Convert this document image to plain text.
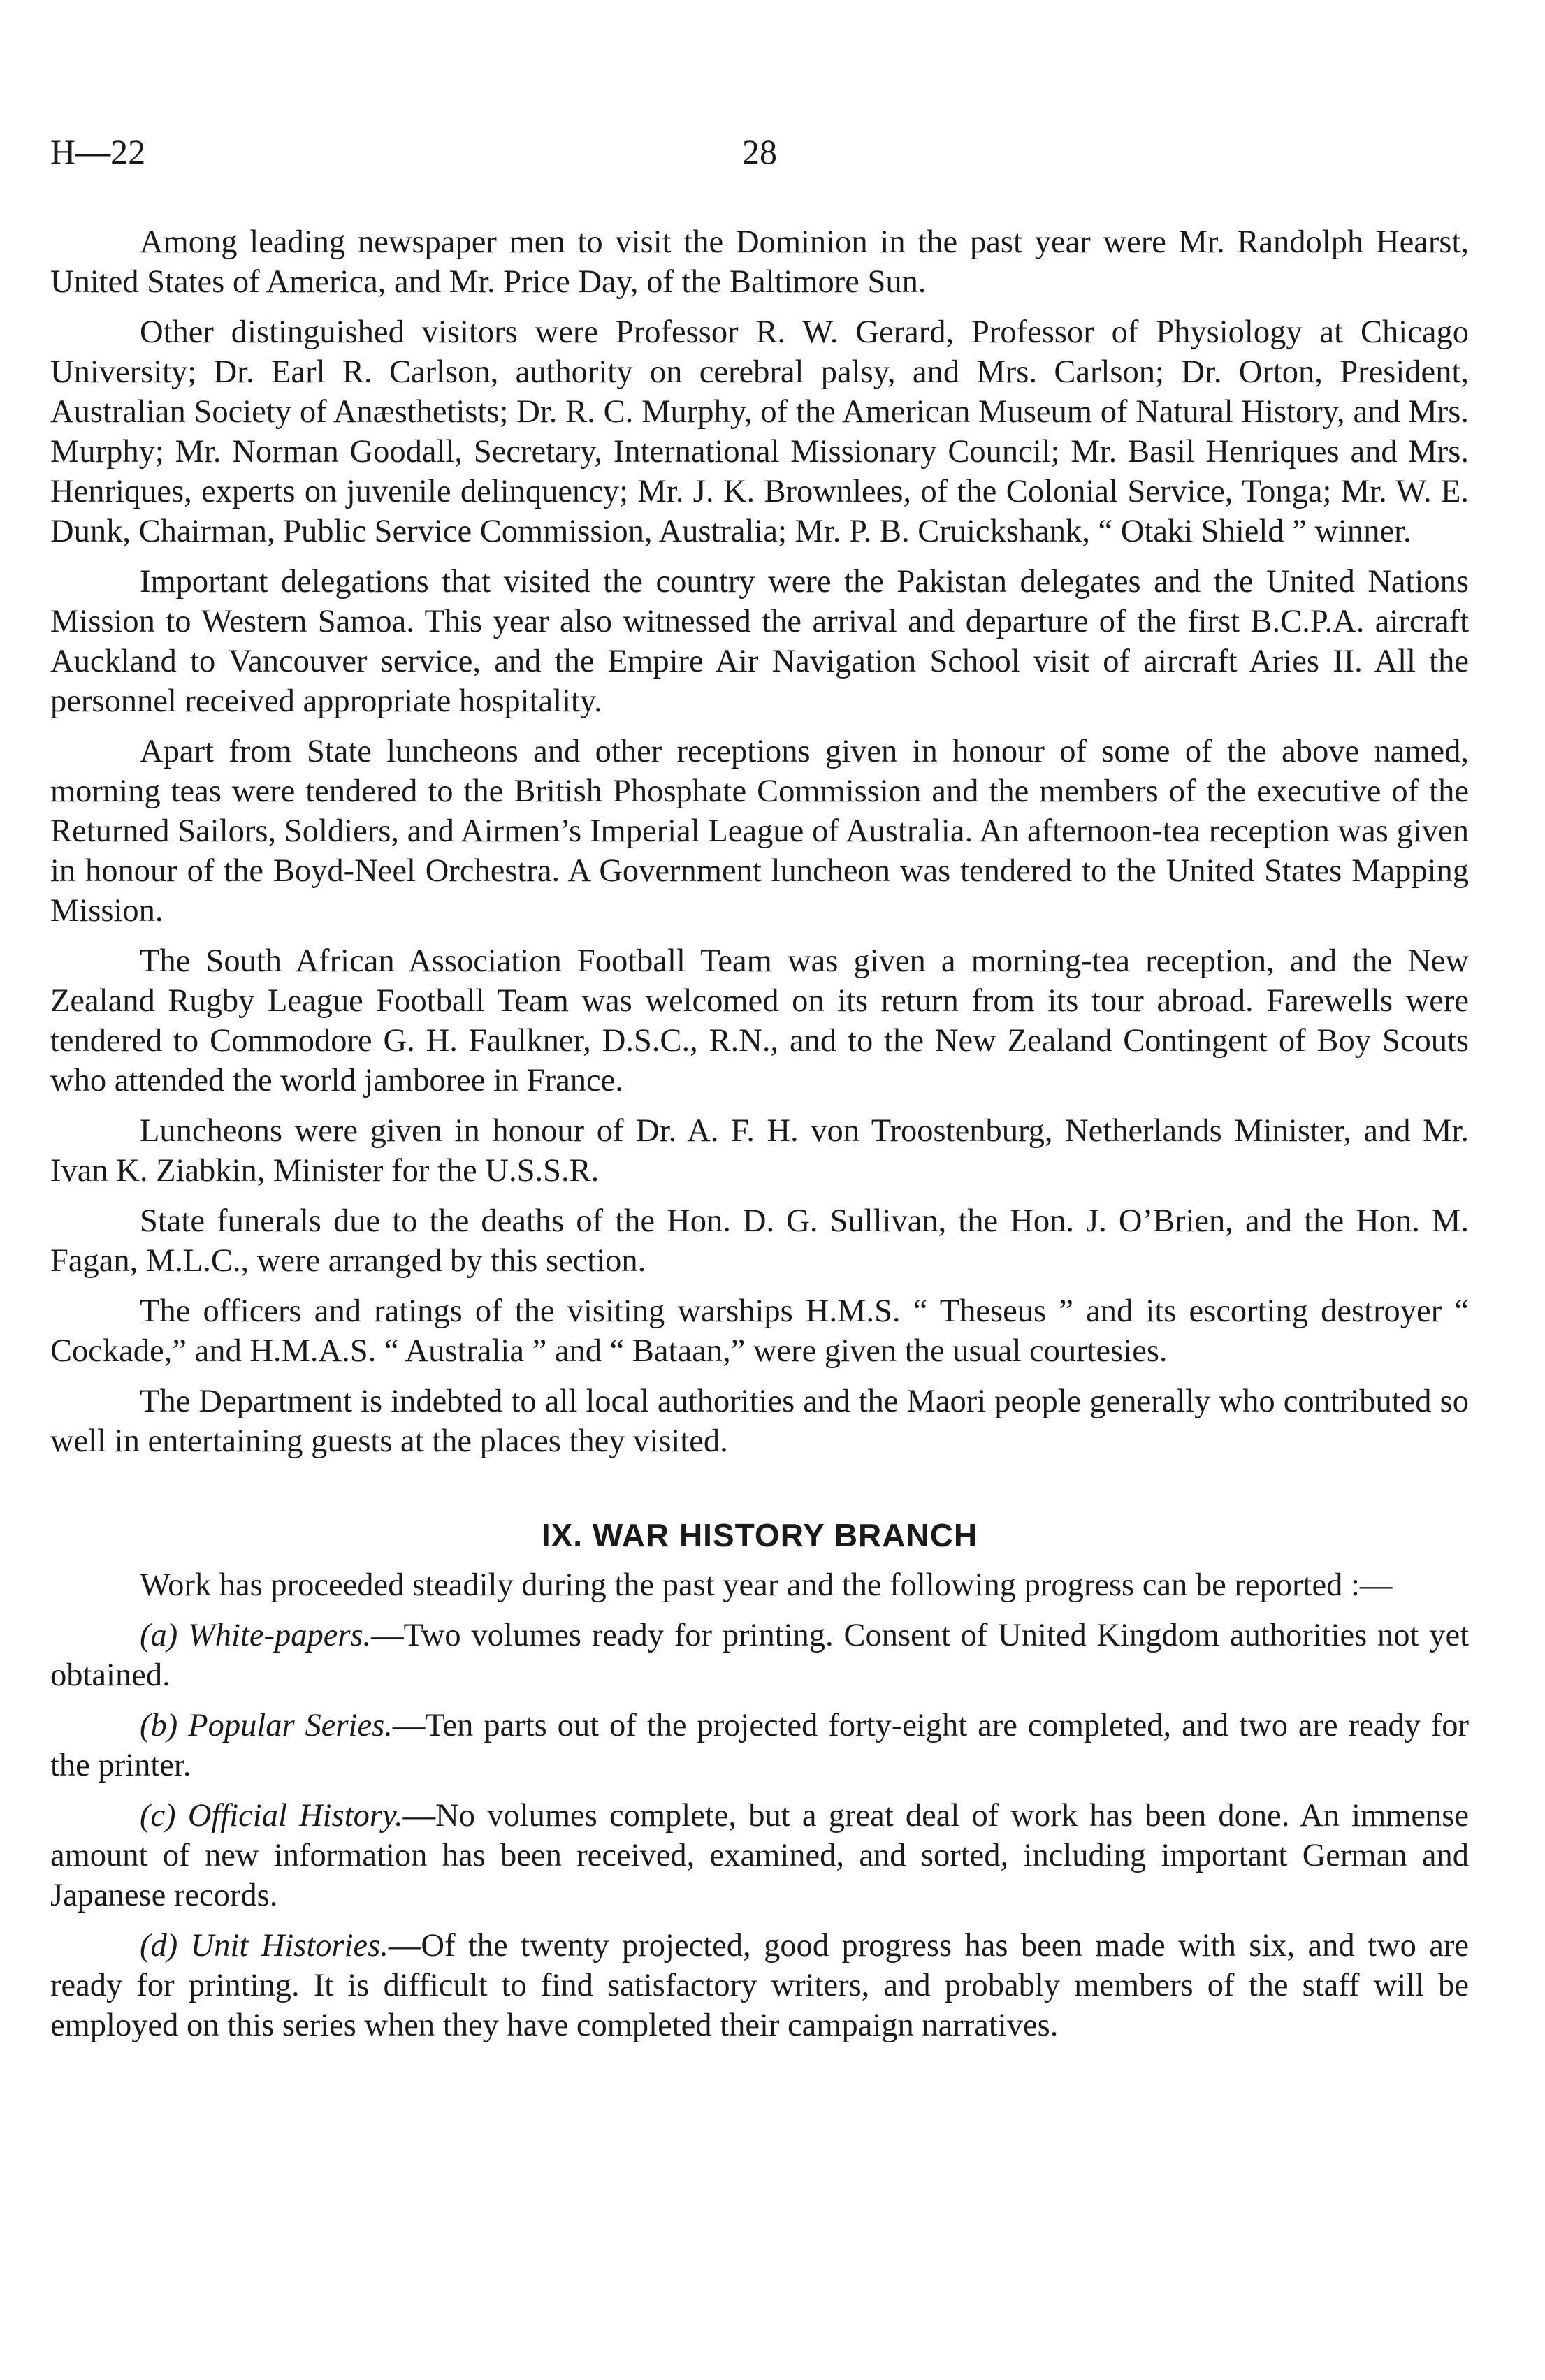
H—22	28

Among leading newspaper men to visit the Dominion in the past year were Mr. Randolph Hearst, United States of America, and Mr. Price Day, of the Baltimore Sun.

Other distinguished visitors were Professor R. W. Gerard, Professor of Physiology at Chicago University; Dr. Earl R. Carlson, authority on cerebral palsy, and Mrs. Carlson; Dr. Orton, President, Australian Society of Anæsthetists; Dr. R. C. Murphy, of the American Museum of Natural History, and Mrs. Murphy; Mr. Norman Goodall, Secretary, International Missionary Council; Mr. Basil Henriques and Mrs. Henriques, experts on juvenile delinquency; Mr. J. K. Brownlees, of the Colonial Service, Tonga; Mr. W. E. Dunk, Chairman, Public Service Commission, Australia; Mr. P. B. Cruickshank, “ Otaki Shield ” winner.

Important delegations that visited the country were the Pakistan delegates and the United Nations Mission to Western Samoa. This year also witnessed the arrival and departure of the first B.C.P.A. aircraft Auckland to Vancouver service, and the Empire Air Navigation School visit of aircraft Aries II. All the personnel received appropriate hospitality.

Apart from State luncheons and other receptions given in honour of some of the above named, morning teas were tendered to the British Phosphate Commission and the members of the executive of the Returned Sailors, Soldiers, and Airmen’s Imperial League of Australia. An afternoon-tea reception was given in honour of the Boyd-Neel Orchestra. A Government luncheon was tendered to the United States Mapping Mission.

The South African Association Football Team was given a morning-tea reception, and the New Zealand Rugby League Football Team was welcomed on its return from its tour abroad. Farewells were tendered to Commodore G. H. Faulkner, D.S.C., R.N., and to the New Zealand Contingent of Boy Scouts who attended the world jamboree in France.

Luncheons were given in honour of Dr. A. F. H. von Troostenburg, Netherlands Minister, and Mr. Ivan K. Ziabkin, Minister for the U.S.S.R.

State funerals due to the deaths of the Hon. D. G. Sullivan, the Hon. J. O’Brien, and the Hon. M. Fagan, M.L.C., were arranged by this section.

The officers and ratings of the visiting warships H.M.S. “ Theseus ” and its escorting destroyer “ Cockade,” and H.M.A.S. “ Australia ” and “ Bataan,” were given the usual courtesies.

The Department is indebted to all local authorities and the Maori people generally who contributed so well in entertaining guests at the places they visited.

IX. WAR HISTORY BRANCH

Work has proceeded steadily during the past year and the following progress can be reported :—

(a) White-papers.—Two volumes ready for printing. Consent of United Kingdom authorities not yet obtained.

(b) Popular Series.—Ten parts out of the projected forty-eight are completed, and two are ready for the printer.

(c) Official History.—No volumes complete, but a great deal of work has been done. An immense amount of new information has been received, examined, and sorted, including important German and Japanese records.

(d) Unit Histories.—Of the twenty projected, good progress has been made with six, and two are ready for printing. It is difficult to find satisfactory writers, and probably members of the staff will be employed on this series when they have completed their campaign narratives.
